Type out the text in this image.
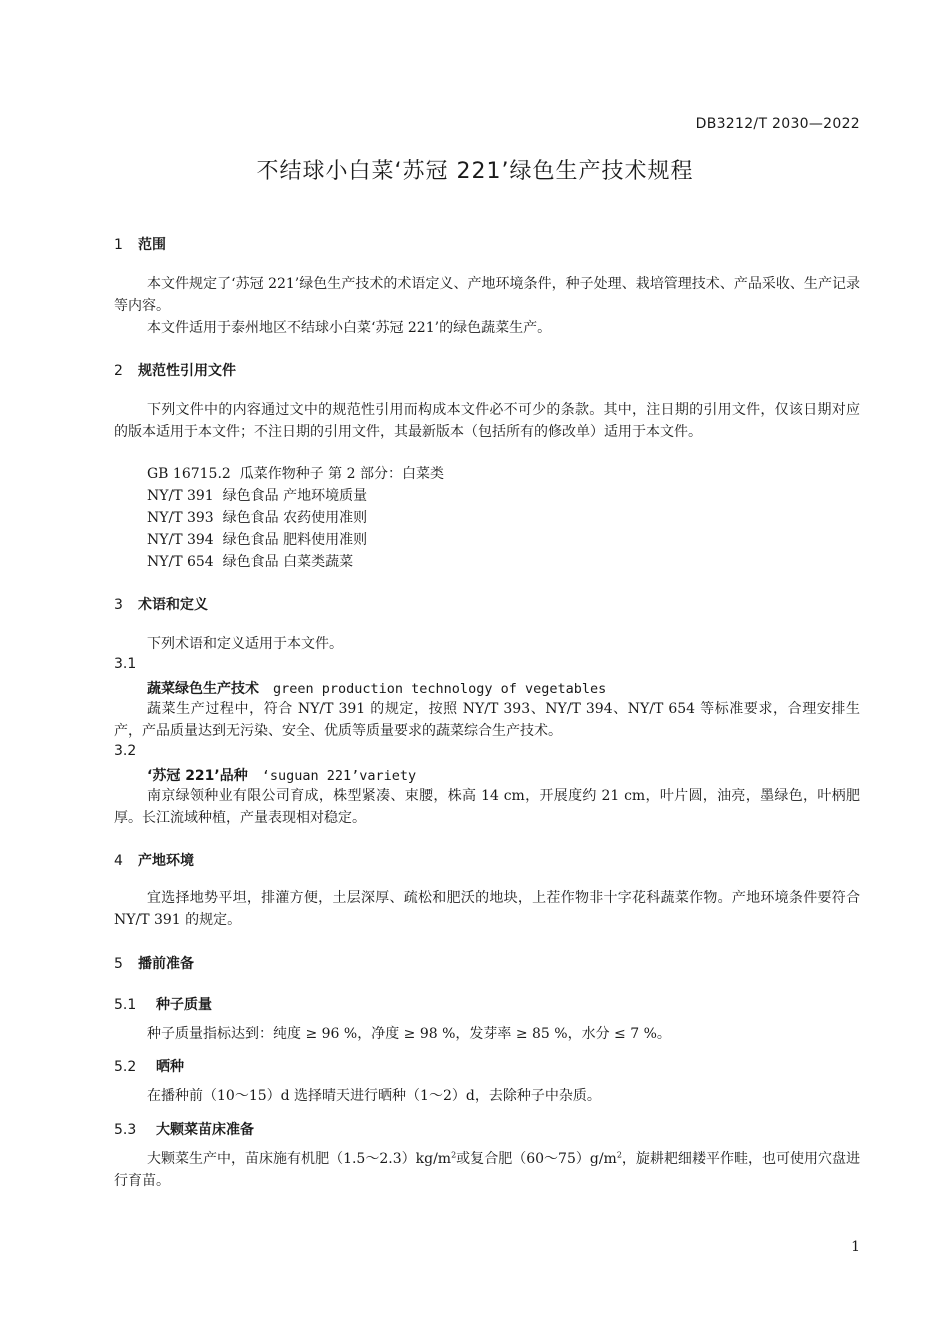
DB3212/T 2030—2022
不结球小白菜‘苏冠 221’绿色生产技术规程
1 范围
本文件规定了‘苏冠 221’绿色生产技术的术语定义、产地环境条件，种子处理、栽培管理技术、产品采收、生产记录等内容。
本文件适用于泰州地区不结球小白菜‘苏冠 221’的绿色蔬菜生产。
2 规范性引用文件
下列文件中的内容通过文中的规范性引用而构成本文件必不可少的条款。其中，注日期的引用文件，仅该日期对应的版本适用于本文件；不注日期的引用文件，其最新版本（包括所有的修改单）适用于本文件。
GB 16715.2  瓜菜作物种子 第 2 部分：白菜类
NY/T 391  绿色食品 产地环境质量
NY/T 393  绿色食品 农药使用准则
NY/T 394  绿色食品 肥料使用准则
NY/T 654  绿色食品 白菜类蔬菜
3 术语和定义
下列术语和定义适用于本文件。
3.1
蔬菜绿色生产技术 green production technology of vegetables
蔬菜生产过程中，符合 NY/T 391 的规定，按照 NY/T 393、NY/T 394、NY/T 654 等标准要求，合理安排生产，产品质量达到无污染、安全、优质等质量要求的蔬菜综合生产技术。
3.2
‘苏冠 221’品种 ‘suguan 221’variety
南京绿领种业有限公司育成，株型紧凑、束腰，株高 14 cm，开展度约 21 cm，叶片圆，油亮，墨绿色，叶柄肥厚。长江流域种植，产量表现相对稳定。
4 产地环境
宜选择地势平坦，排灌方便，土层深厚、疏松和肥沃的地块，上茬作物非十字花科蔬菜作物。产地环境条件要符合 NY/T 391 的规定。
5 播前准备
5.1 种子质量
种子质量指标达到：纯度 ≥ 96 %，净度 ≥ 98 %，发芽率 ≥ 85 %，水分 ≤ 7 %。
5.2 晒种
在播种前（10～15）d 选择晴天进行晒种（1～2）d，去除种子中杂质。
5.3 大颗菜苗床准备
大颗菜生产中，苗床施有机肥$(1.5\sim 2.3)kg/m^2$或复合肥$(60\sim 75)g/m^2$，旋耕耙细耧平作畦，也可使用穴盘进行育苗。
1
